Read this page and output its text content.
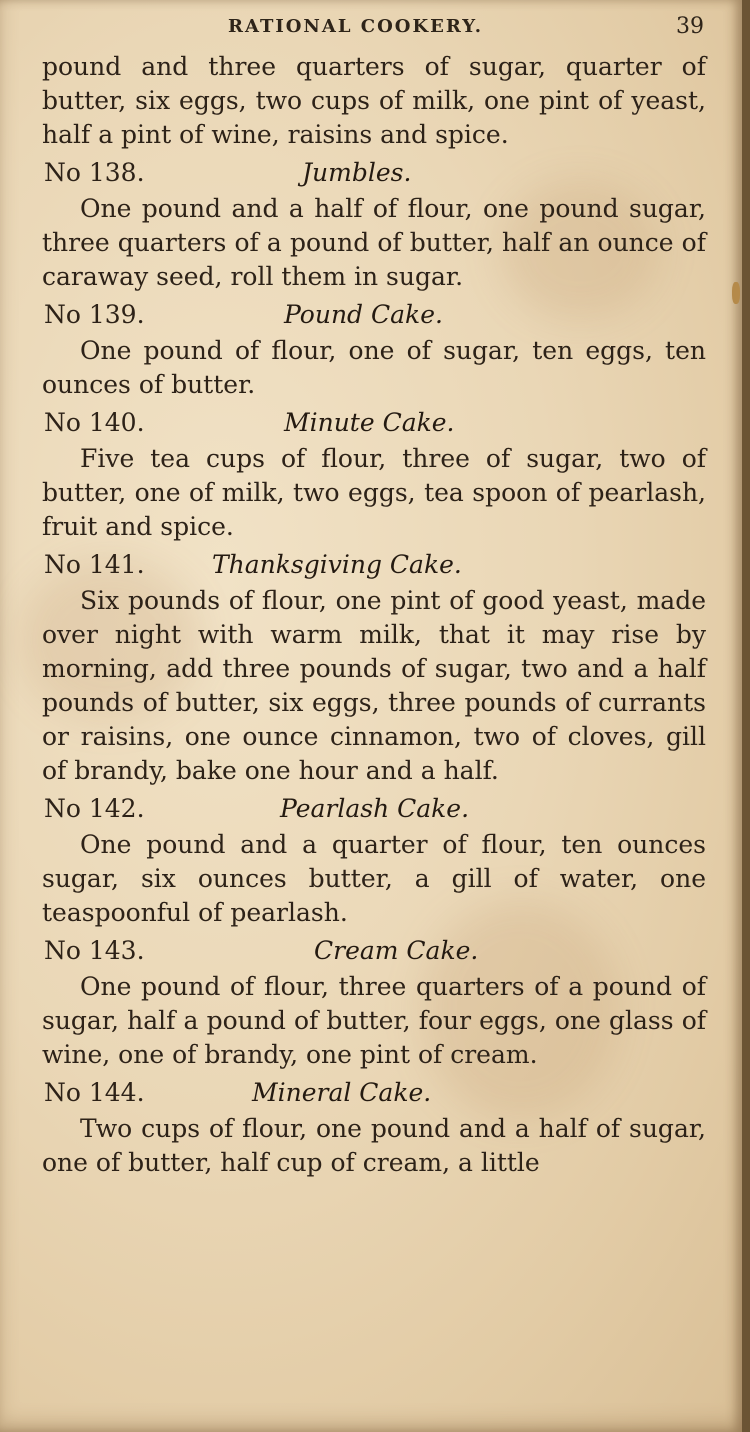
RATIONAL COOKERY.	39

pound and three quarters of sugar, quarter of butter, six eggs, two cups of milk, one pint of yeast, half a pint of wine, raisins and spice.

No 138.	Jumbles.

One pound and a half of flour, one pound sugar, three quarters of a pound of butter, half an ounce of caraway seed, roll them in sugar.

No 139.	Pound Cake.

One pound of flour, one of sugar, ten eggs, ten ounces of butter.

No 140.	Minute Cake.

Five tea cups of flour, three of sugar, two of butter, one of milk, two eggs, tea spoon of pearlash, fruit and spice.

No 141.	Thanksgiving Cake.

Six pounds of flour, one pint of good yeast, made over night with warm milk, that it may rise by morning, add three pounds of sugar, two and a half pounds of butter, six eggs, three pounds of currants or raisins, one ounce cinnamon, two of cloves, gill of brandy, bake one hour and a half.

No 142.	Pearlash Cake.

One pound and a quarter of flour, ten ounces sugar, six ounces butter, a gill of water, one teaspoonful of pearlash.

No 143.	Cream Cake.

One pound of flour, three quarters of a pound of sugar, half a pound of butter, four eggs, one glass of wine, one of brandy, one pint of cream.

No 144.	Mineral Cake.

Two cups of flour, one pound and a half of sugar, one of butter, half cup of cream, a little
